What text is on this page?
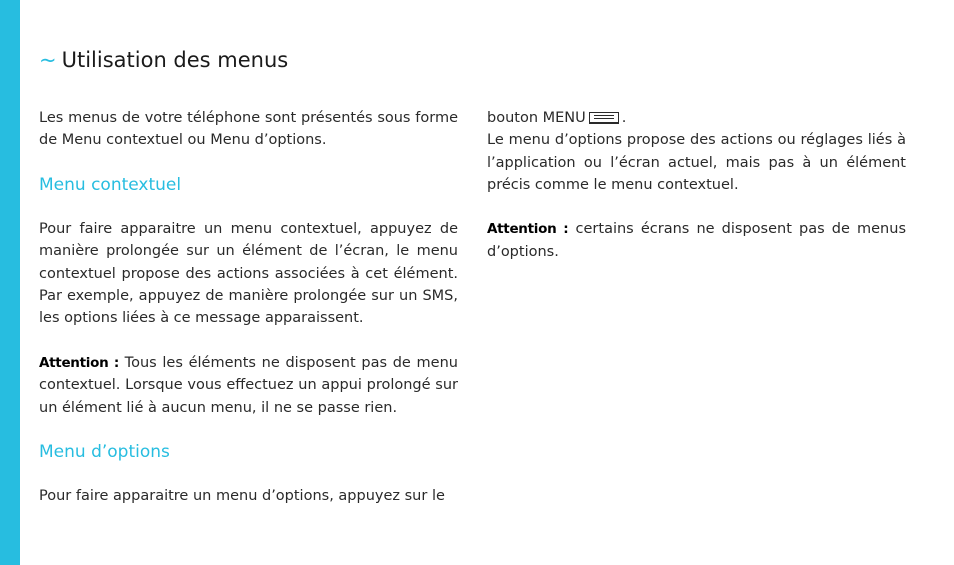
~ Utilisation des menus

Les menus de votre téléphone sont présentés sous forme de Menu contextuel ou Menu d’options.

Menu contextuel

Pour faire apparaitre un menu contextuel, appuyez de manière prolongée sur un élément de l’écran, le menu contextuel propose des actions associées à cet élément. Par exemple, appuyez de manière prolongée sur un SMS, les options liées à ce message apparaissent.

Attention : Tous les éléments ne disposent pas de menu contextuel. Lorsque vous effectuez un appui prolongé sur un élément lié à aucun menu, il ne se passe rien.

Menu d’options

Pour faire apparaitre un menu d’options, appuyez sur le

bouton MENU .

Le menu d’options propose des actions ou réglages liés à l’application ou l’écran actuel, mais pas à un élément précis comme le menu contextuel.

Attention : certains écrans ne disposent pas de menus d’options.
